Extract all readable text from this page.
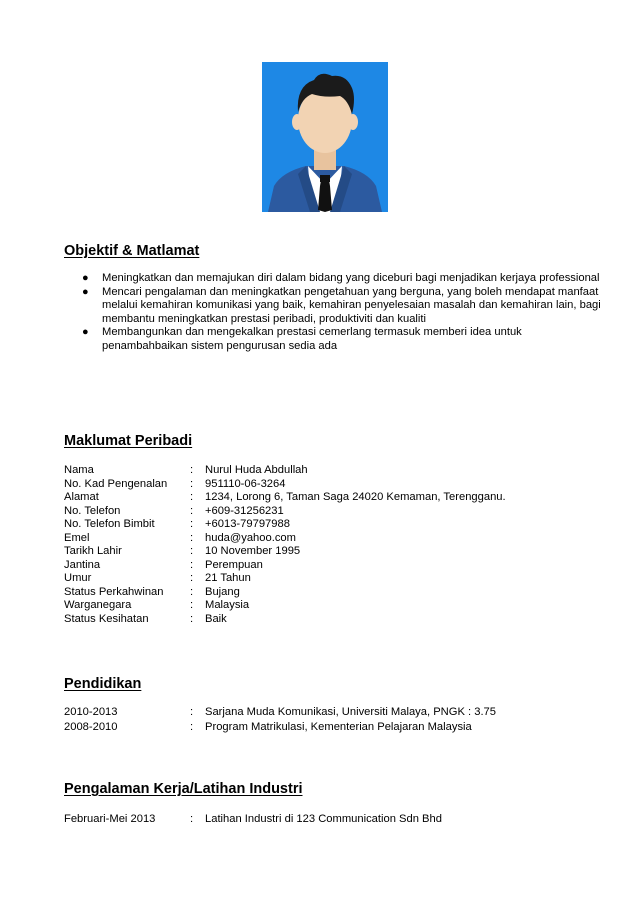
Objektif & Matlamat
● Meningkatkan dan memajukan diri dalam bidang yang diceburi bagi menjadikan kerjaya professional
● Mencari pengalaman dan meningkatkan pengetahuan yang berguna, yang boleh mendapat manfaat melalui kemahiran komunikasi yang baik, kemahiran penyelesaian masalah dan kemahiran lain, bagi membantu meningkatkan prestasi peribadi, produktiviti dan kualiti
● Membangunkan dan mengekalkan prestasi cemerlang termasuk memberi idea untuk penambahbaikan sistem pengurusan sedia ada
Maklumat Peribadi
Nama	:	Nurul Huda Abdullah
No. Kad Pengenalan	:	951110-06-3264
Alamat	:	1234, Lorong 6, Taman Saga 24020 Kemaman, Terengganu.
No. Telefon	:	+609-31256231
No. Telefon Bimbit	:	+6013-79797988
Emel	:	huda@yahoo.com
Tarikh Lahir	:	10 November 1995
Jantina	:	Perempuan
Umur	:	21 Tahun
Status Perkahwinan	:	Bujang
Warganegara	:	Malaysia
Status Kesihatan	:	Baik
Pendidikan
2010-2013	:	Sarjana Muda Komunikasi, Universiti Malaya, PNGK : 3.75
2008-2010	:	Program Matrikulasi, Kementerian Pelajaran Malaysia
Pengalaman Kerja/Latihan Industri
Februari-Mei 2013	:	Latihan Industri di 123 Communication Sdn Bhd
